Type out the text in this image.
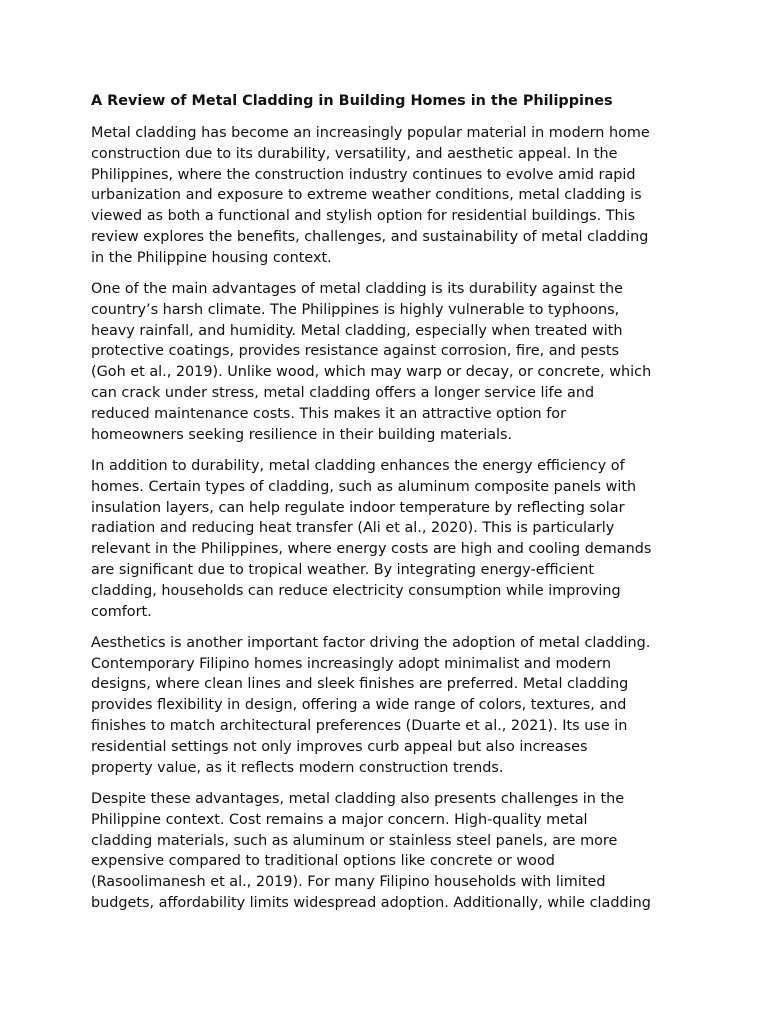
A Review of Metal Cladding in Building Homes in the Philippines
Metal cladding has become an increasingly popular material in modern home
construction due to its durability, versatility, and aesthetic appeal. In the
Philippines, where the construction industry continues to evolve amid rapid
urbanization and exposure to extreme weather conditions, metal cladding is
viewed as both a functional and stylish option for residential buildings. This
review explores the benefits, challenges, and sustainability of metal cladding
in the Philippine housing context.
One of the main advantages of metal cladding is its durability against the
country’s harsh climate. The Philippines is highly vulnerable to typhoons,
heavy rainfall, and humidity. Metal cladding, especially when treated with
protective coatings, provides resistance against corrosion, fire, and pests
(Goh et al., 2019). Unlike wood, which may warp or decay, or concrete, which
can crack under stress, metal cladding offers a longer service life and
reduced maintenance costs. This makes it an attractive option for
homeowners seeking resilience in their building materials.
In addition to durability, metal cladding enhances the energy efficiency of
homes. Certain types of cladding, such as aluminum composite panels with
insulation layers, can help regulate indoor temperature by reflecting solar
radiation and reducing heat transfer (Ali et al., 2020). This is particularly
relevant in the Philippines, where energy costs are high and cooling demands
are significant due to tropical weather. By integrating energy-efficient
cladding, households can reduce electricity consumption while improving
comfort.
Aesthetics is another important factor driving the adoption of metal cladding.
Contemporary Filipino homes increasingly adopt minimalist and modern
designs, where clean lines and sleek finishes are preferred. Metal cladding
provides flexibility in design, offering a wide range of colors, textures, and
finishes to match architectural preferences (Duarte et al., 2021). Its use in
residential settings not only improves curb appeal but also increases
property value, as it reflects modern construction trends.
Despite these advantages, metal cladding also presents challenges in the
Philippine context. Cost remains a major concern. High-quality metal
cladding materials, such as aluminum or stainless steel panels, are more
expensive compared to traditional options like concrete or wood
(Rasoolimanesh et al., 2019). For many Filipino households with limited
budgets, affordability limits widespread adoption. Additionally, while cladding
